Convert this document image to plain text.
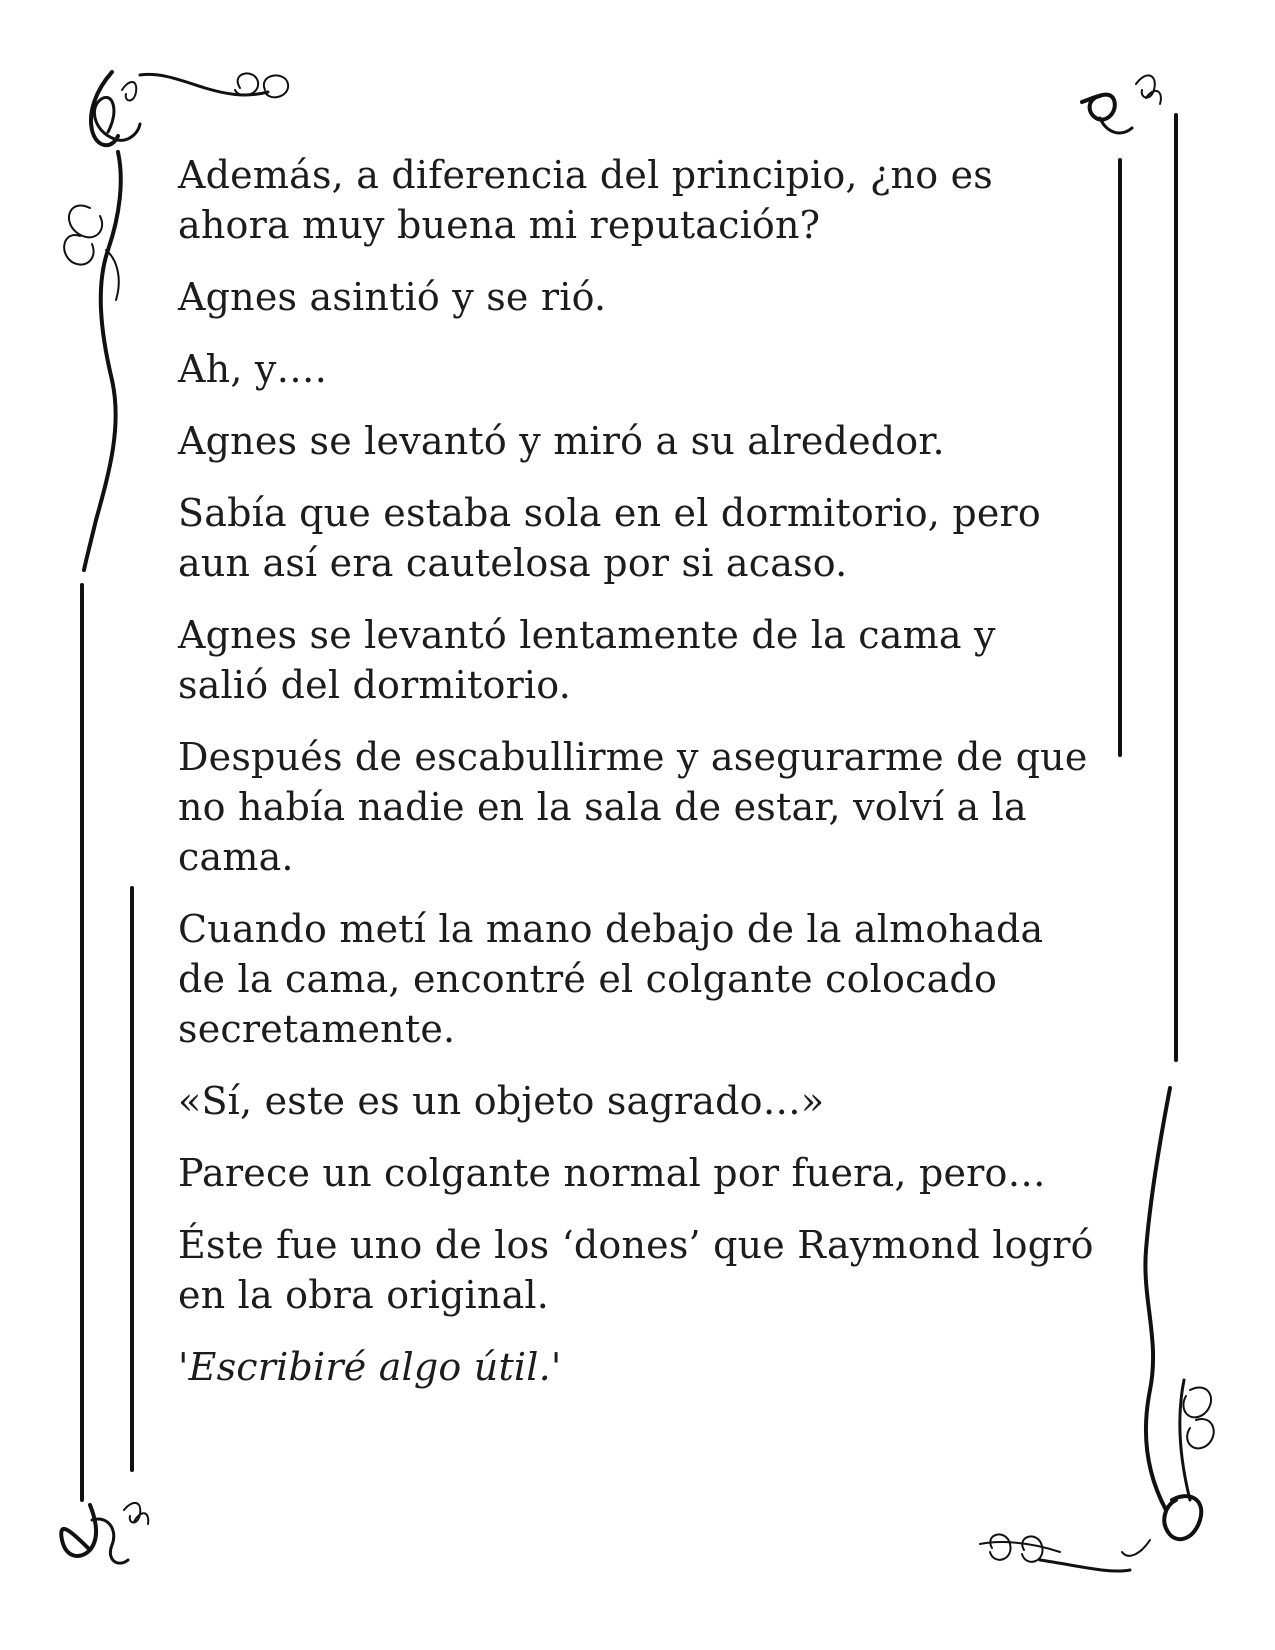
Además, a diferencia del principio, ¿no es ahora muy buena mi reputación?

Agnes asintió y se rió.

Ah, y….

Agnes se levantó y miró a su alrededor.

Sabía que estaba sola en el dormitorio, pero aun así era cautelosa por si acaso.

Agnes se levantó lentamente de la cama y salió del dormitorio.

Después de escabullirme y asegurarme de que no había nadie en la sala de estar, volví a la cama.

Cuando metí la mano debajo de la almohada de la cama, encontré el colgante colocado secretamente.

«Sí, este es un objeto sagrado…»

Parece un colgante normal por fuera, pero…

Éste fue uno de los ‘dones’ que Raymond logró en la obra original.

'Escribiré algo útil.'
